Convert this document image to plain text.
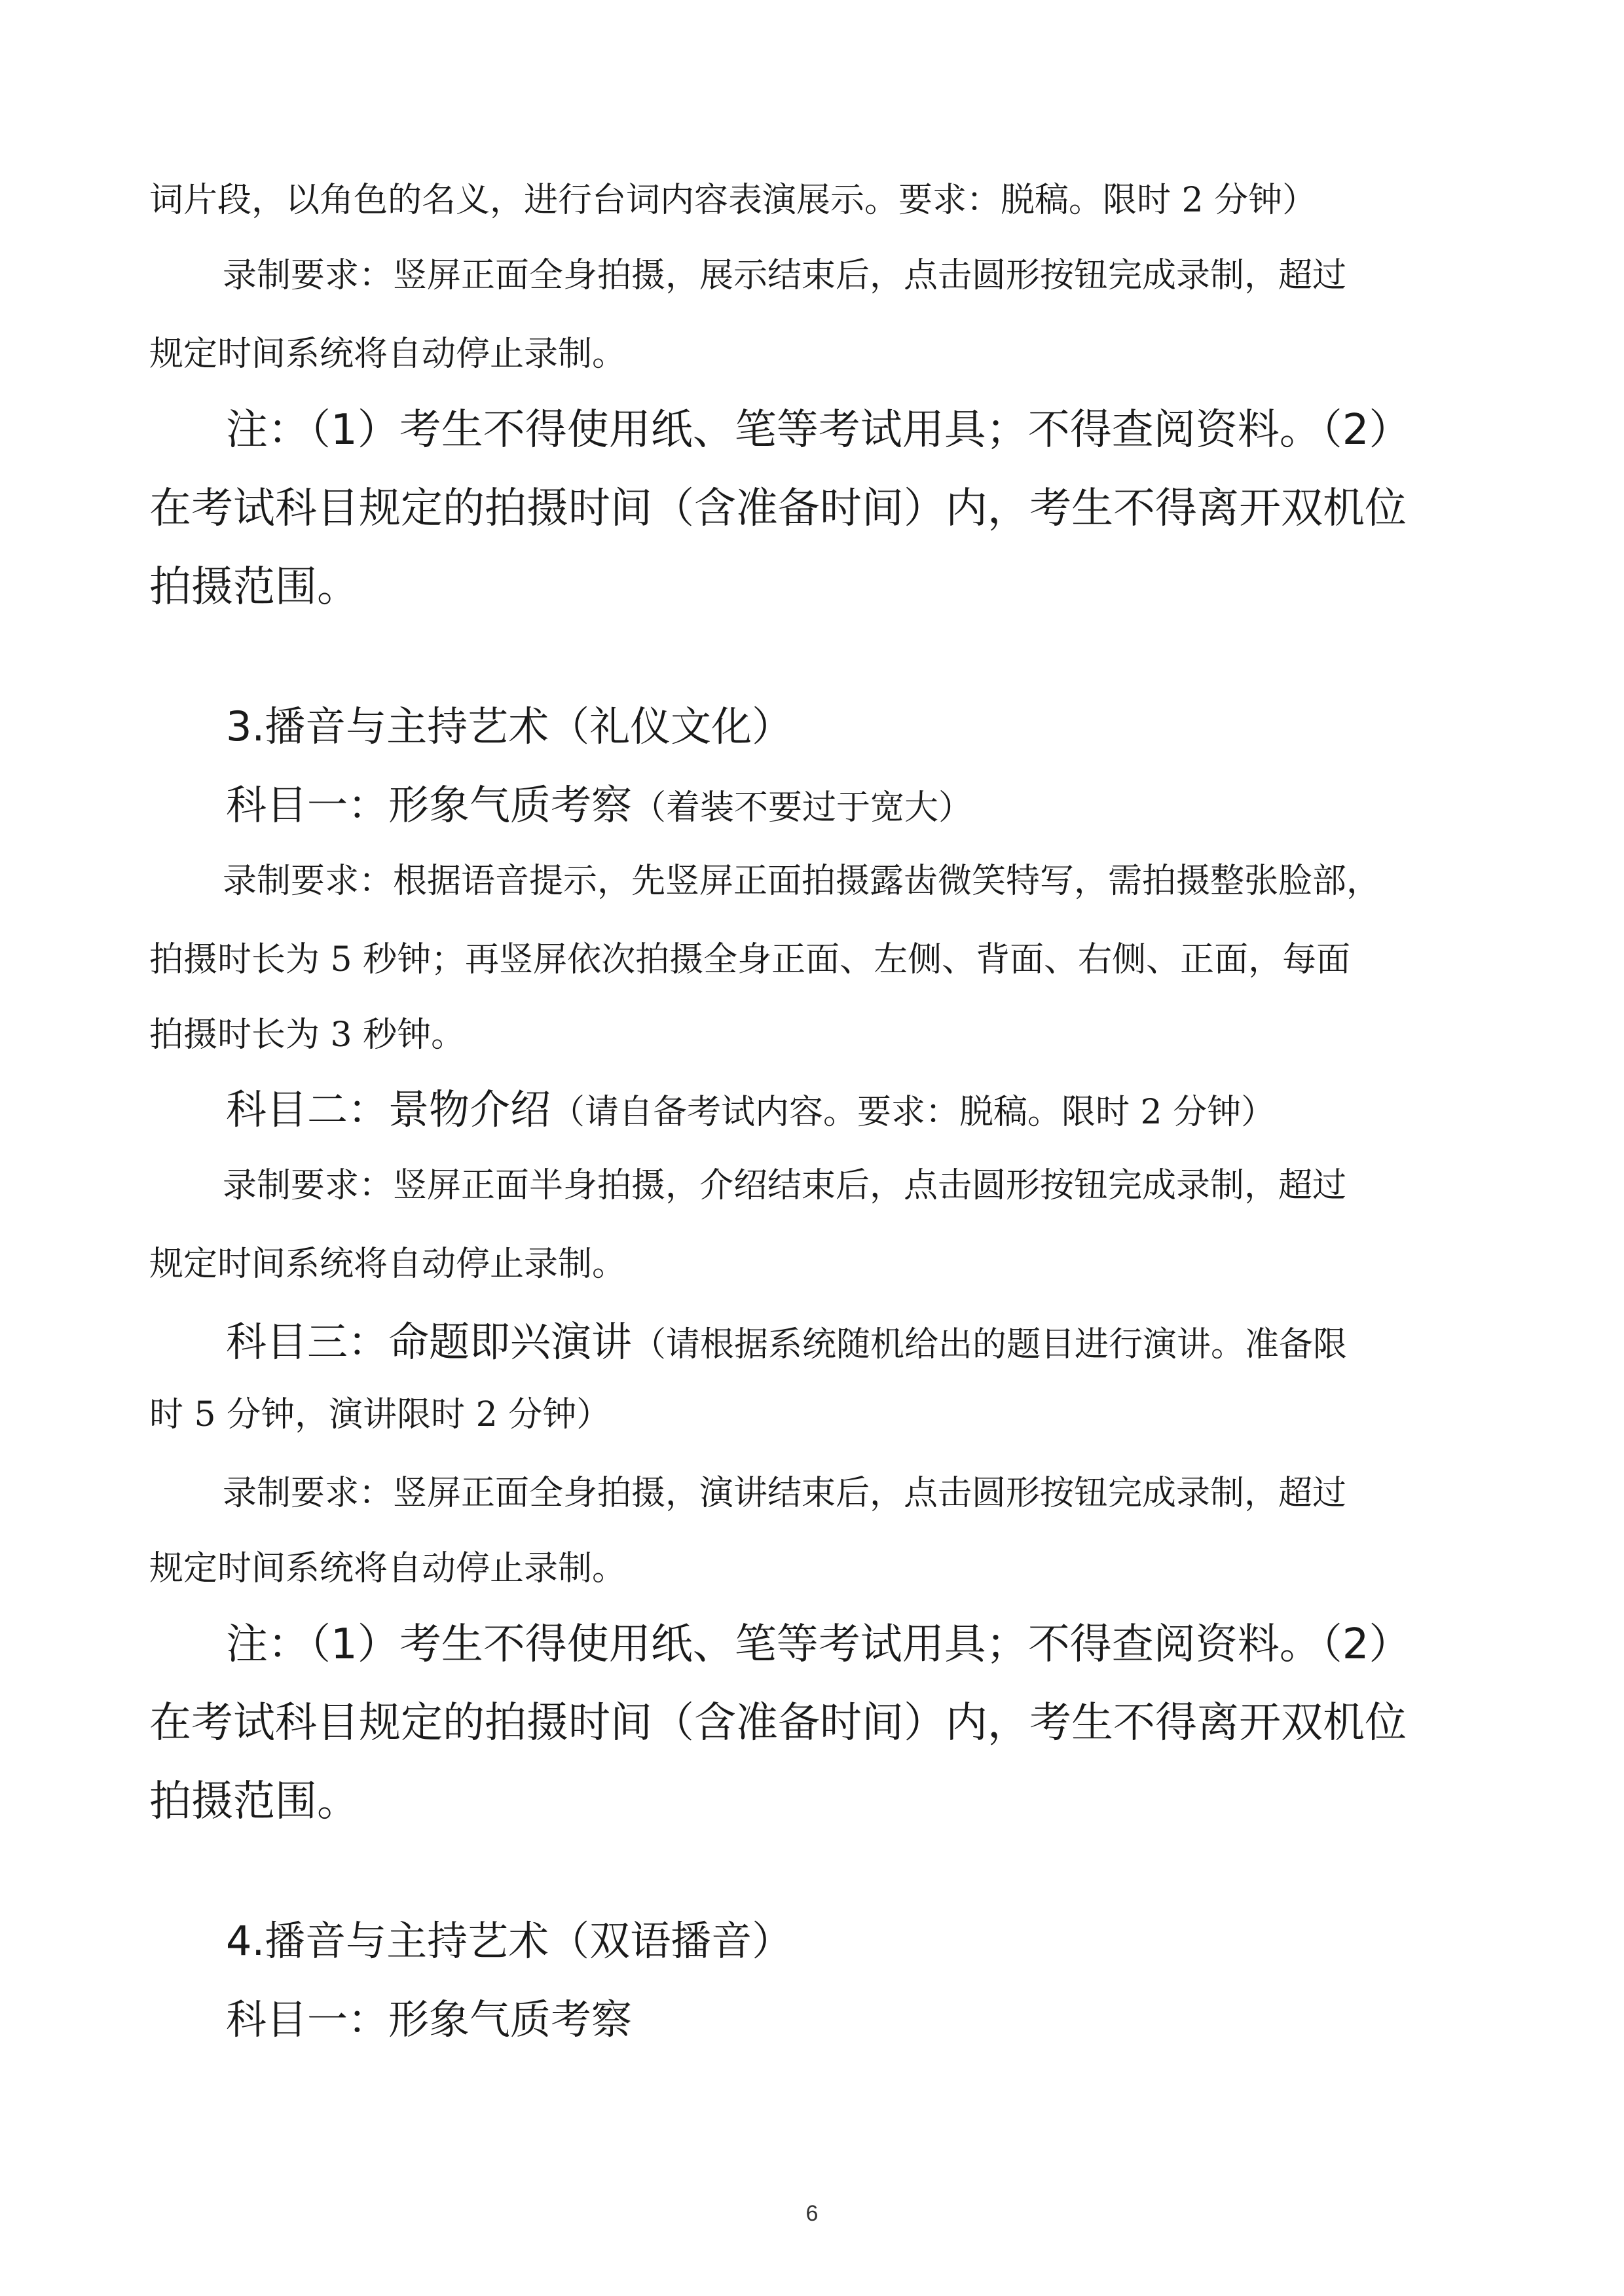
词片段，以角色的名义，进行台词内容表演展示。要求：脱稿。限时 2 分钟）
录制要求：竖屏正面全身拍摄，展示结束后，点击圆形按钮完成录制，超过
规定时间系统将自动停止录制。
注：（1）考生不得使用纸、笔等考试用具；不得查阅资料。（2）
在考试科目规定的拍摄时间（含准备时间）内，考生不得离开双机位
拍摄范围。
3.播音与主持艺术（礼仪文化）
科目一：形象气质考察（着装不要过于宽大）
录制要求：根据语音提示，先竖屏正面拍摄露齿微笑特写，需拍摄整张脸部，
拍摄时长为 5 秒钟；再竖屏依次拍摄全身正面、左侧、背面、右侧、正面，每面
拍摄时长为 3 秒钟。
科目二：景物介绍（请自备考试内容。要求：脱稿。限时 2 分钟）
录制要求：竖屏正面半身拍摄，介绍结束后，点击圆形按钮完成录制，超过
规定时间系统将自动停止录制。
科目三：命题即兴演讲（请根据系统随机给出的题目进行演讲。准备限
时 5 分钟，演讲限时 2 分钟）
录制要求：竖屏正面全身拍摄，演讲结束后，点击圆形按钮完成录制，超过
规定时间系统将自动停止录制。
注：（1）考生不得使用纸、笔等考试用具；不得查阅资料。（2）
在考试科目规定的拍摄时间（含准备时间）内，考生不得离开双机位
拍摄范围。
4.播音与主持艺术（双语播音）
科目一：形象气质考察
6
